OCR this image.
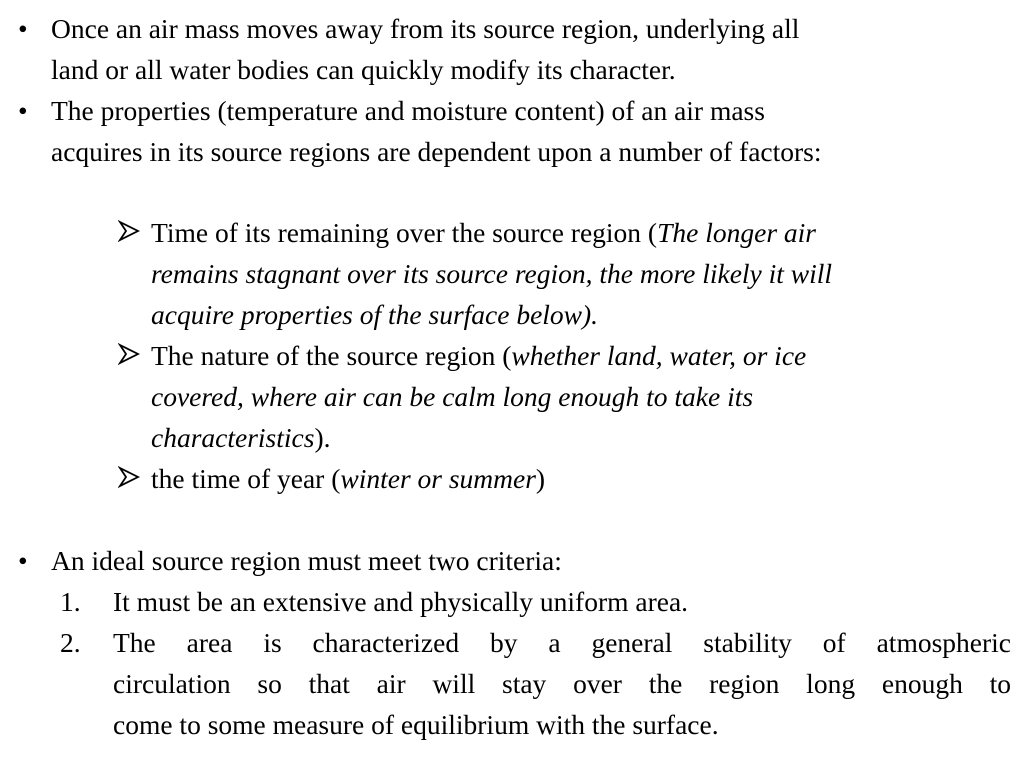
• Once an air mass moves away from its source region, underlying all
land or all water bodies can quickly modify its character.
• The properties (temperature and moisture content) of an air mass
acquires in its source regions are dependent upon a number of factors:
Time of its remaining over the source region (The longer air
remains stagnant over its source region, the more likely it will
acquire properties of the surface below).
The nature of the source region (whether land, water, or ice
covered, where air can be calm long enough to take its
characteristics).
the time of year (winter or summer)
• An ideal source region must meet two criteria:
1. It must be an extensive and physically uniform area.
2. The area is characterized by a general stability of atmospheric
circulation so that air will stay over the region long enough to
come to some measure of equilibrium with the surface.
